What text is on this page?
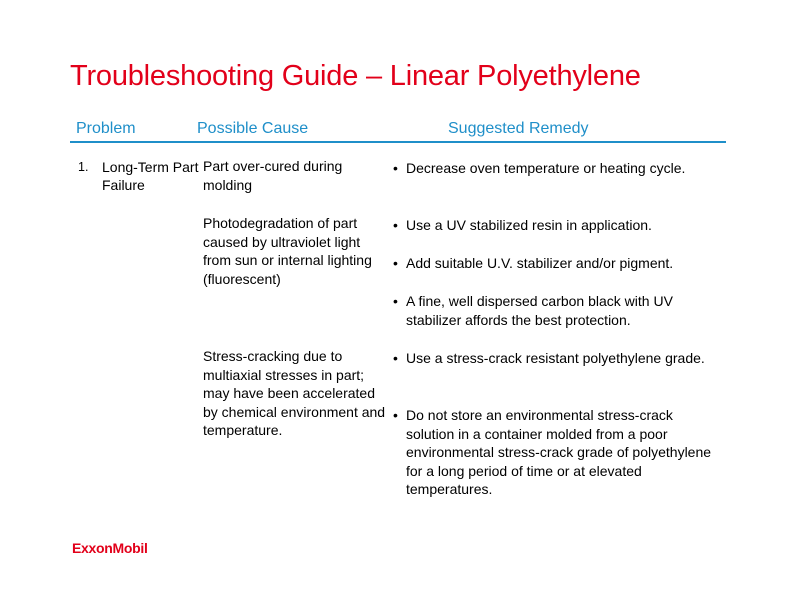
Troubleshooting Guide – Linear Polyethylene
Problem	Possible Cause	Suggested Remedy
1. Long-Term Part Failure
Part over-cured during molding
Photodegradation of part caused by ultraviolet light from sun or internal lighting (fluorescent)
Stress-cracking due to multiaxial stresses in part; may have been accelerated by chemical environment and temperature.
• Decrease oven temperature or heating cycle.
• Use a UV stabilized resin in application.
• Add suitable U.V. stabilizer and/or pigment.
• A fine, well dispersed carbon black with UV stabilizer affords the best protection.
• Use a stress-crack resistant polyethylene grade.
• Do not store an environmental stress-crack solution in a container molded from a poor environmental stress-crack grade of polyethylene for a long period of time or at elevated temperatures.
ExxonMobil
